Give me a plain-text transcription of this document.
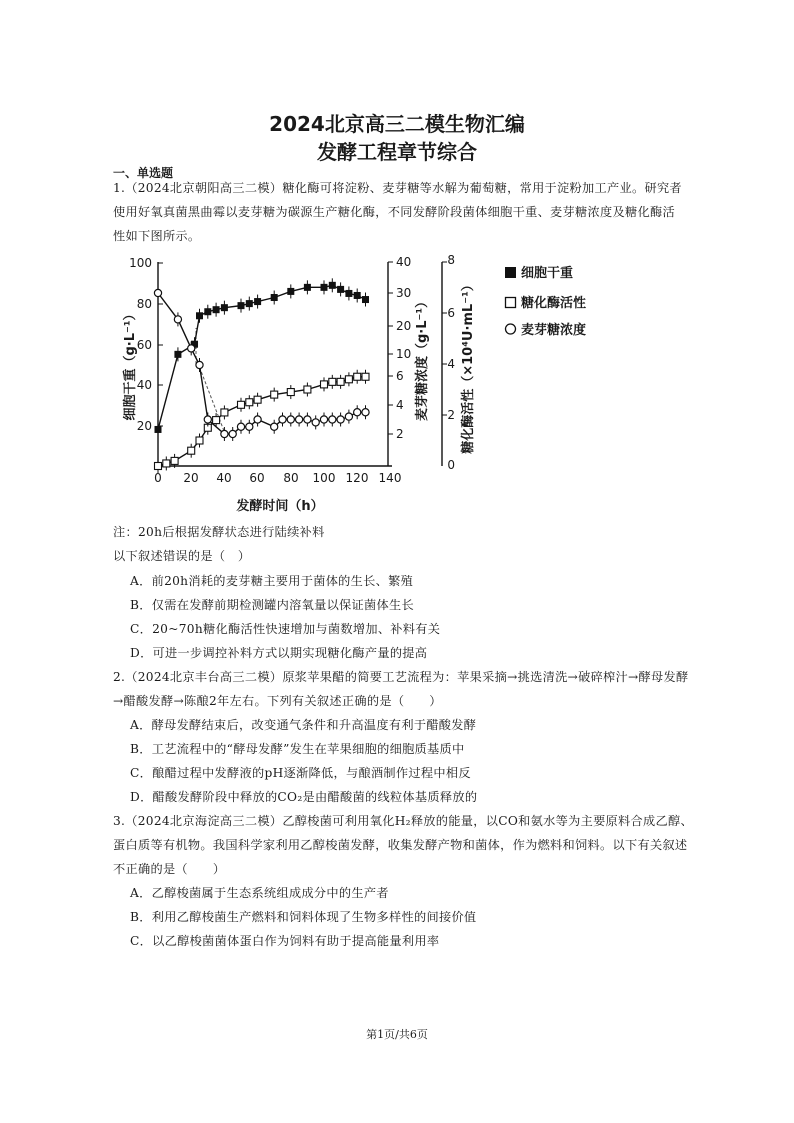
2024北京高三二模生物汇编
发酵工程章节综合
一、单选题
1.（2024北京朝阳高三二模）糖化酶可将淀粉、麦芽糖等水解为葡萄糖，常用于淀粉加工产业。研究者使用好氧真菌黑曲霉以麦芽糖为碳源生产糖化酶，不同发酵阶段菌体细胞干重、麦芽糖浓度及糖化酶活性如下图所示。
100
80
60
40
20
0 20 40 60 80 100 120 140
40
30
20
10
6
4
2
8
6
4
2
0
细胞干重（g·L⁻¹）	麦芽糖浓度（g·L⁻¹） 糖化酶活性（×10⁴U·mL⁻¹）
发酵时间（h）
细胞干重
糖化酶活性
麦芽糖浓度
注：20h后根据发酵状态进行陆续补料
以下叙述错误的是（　）
A．前20h消耗的麦芽糖主要用于菌体的生长、繁殖
B．仅需在发酵前期检测罐内溶氧量以保证菌体生长
C．20~70h糖化酶活性快速增加与菌数增加、补料有关
D．可进一步调控补料方式以期实现糖化酶产量的提高
2.（2024北京丰台高三二模）原浆苹果醋的简要工艺流程为：苹果采摘→挑选清洗→破碎榨汁→酵母发酵
→醋酸发酵→陈酿2年左右。下列有关叙述正确的是（　　）
A．酵母发酵结束后，改变通气条件和升高温度有利于醋酸发酵
B．工艺流程中的“酵母发酵”发生在苹果细胞的细胞质基质中
C．酿醋过程中发酵液的pH逐渐降低，与酿酒制作过程中相反
D．醋酸发酵阶段中释放的CO₂是由醋酸菌的线粒体基质释放的
3.（2024北京海淀高三二模）乙醇梭菌可利用氧化H₂释放的能量，以CO和氨水等为主要原料合成乙醇、
蛋白质等有机物。我国科学家利用乙醇梭菌发酵，收集发酵产物和菌体，作为燃料和饲料。以下有关叙述
不正确的是（　　）
A．乙醇梭菌属于生态系统组成成分中的生产者
B．利用乙醇梭菌生产燃料和饲料体现了生物多样性的间接价值
C．以乙醇梭菌菌体蛋白作为饲料有助于提高能量利用率
第1页/共6页
